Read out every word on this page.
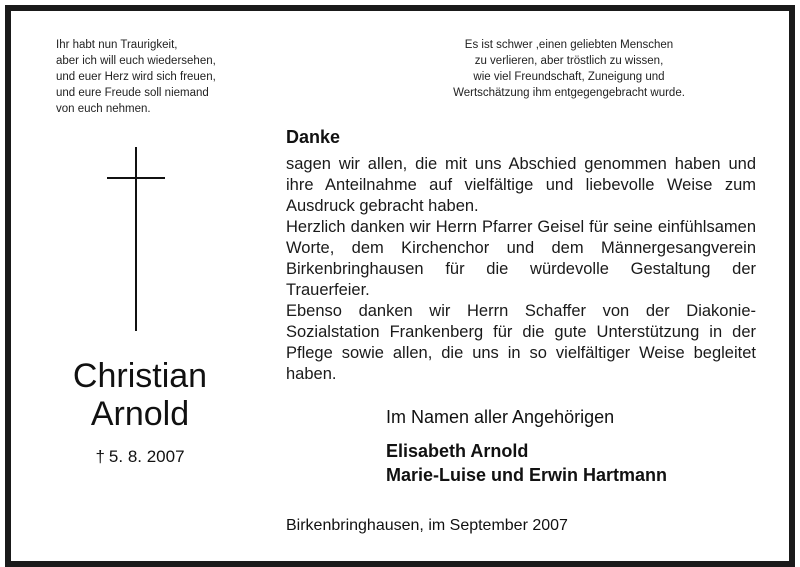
Ihr habt nun Traurigkeit,
aber ich will euch wiedersehen,
und euer Herz wird sich freuen,
und eure Freude soll niemand
von euch nehmen.
Es ist schwer ,einen geliebten Menschen
zu verlieren, aber tröstlich zu wissen,
wie viel Freundschaft, Zuneigung und
Wertschätzung ihm entgegengebracht wurde.
Christian Arnold
† 5. 8. 2007
Danke

sagen wir allen, die mit uns Abschied genommen haben und ihre Anteilnahme auf vielfältige und liebevolle Weise zum Ausdruck gebracht haben.

Herzlich danken wir Herrn Pfarrer Geisel für seine einfühlsamen Worte, dem Kirchenchor und dem Männergesangverein Birkenbringhausen für die würdevolle Gestaltung der Trauerfeier.

Ebenso danken wir Herrn Schaffer von der Diakonie-Sozialstation Frankenberg für die gute Unterstützung in der Pflege sowie allen, die uns in so vielfältiger Weise begleitet haben.

Im Namen aller Angehörigen
Elisabeth Arnold
Marie-Luise und Erwin Hartmann
Birkenbringhausen, im September 2007
